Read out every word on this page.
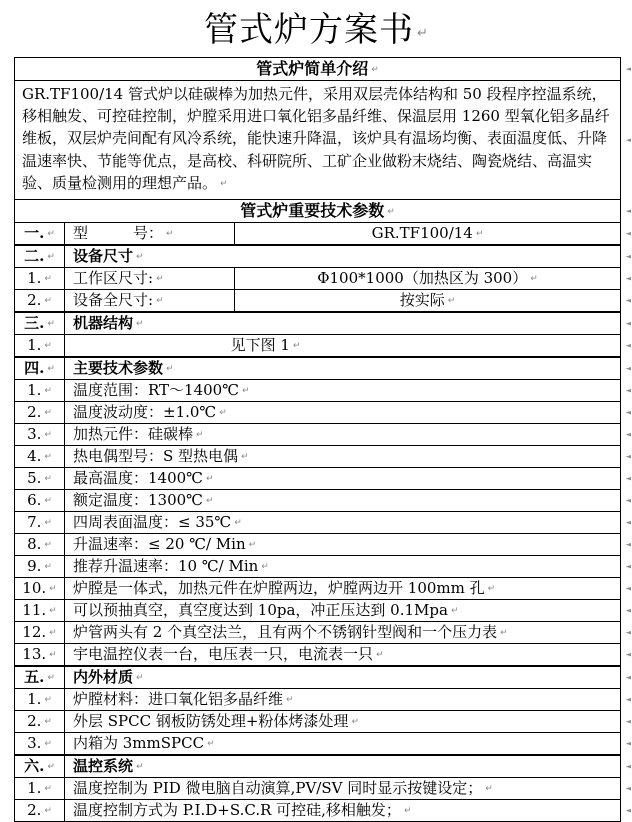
管式炉方案书 ↵
管式炉简单介绍 ↵	◄
GR.TF100/14 管式炉以硅碳棒为加热元件，采用双层壳体结构和 50 段程序控温系统，移相触发、可控硅控制，炉膛采用进口氧化铝多晶纤维、保温层用 1260 型氧化铝多晶纤维板，双层炉壳间配有风冷系统，能快速升降温，该炉具有温场均衡、表面温度低、升降温速率快、节能等优点，是高校、科研院所、工矿企业做粉末烧结、陶瓷烧结、高温实验、质量检测用的理想产品。 ↵
◄
管式炉重要技术参数 ↵	◄
一. ↵	型　　　号： ↵	GR.TF100/14 ↵	◄
二. ↵	设备尺寸 ↵	◄
1. ↵	工作区尺寸: ↵	Φ100*1000（加热区为 300） ↵	◄
2. ↵	设备全尺寸: ↵	按实际 ↵	◄
三. ↵	机器结构 ↵	◄
1. ↵	见下图 1 ↵	◄
四. ↵	主要技术参数 ↵	◄
1. ↵	温度范围：RT～1400℃ ↵	◄
2. ↵	温度波动度：±1.0℃ ↵	◄
3. ↵	加热元件：硅碳棒 ↵	◄
4. ↵	热电偶型号：S 型热电偶 ↵	◄
5. ↵	最高温度：1400℃ ↵	◄
6. ↵	额定温度：1300℃ ↵	◄
7. ↵	四周表面温度：≤ 35℃ ↵	◄
8. ↵	升温速率：≤ 20 ℃/ Min ↵	◄
9. ↵	推荐升温速率：10 ℃/ Min ↵	◄
10. ↵	炉膛是一体式，加热元件在炉膛两边，炉膛两边开 100mm 孔 ↵	◄
11. ↵	可以预抽真空，真空度达到 10pa，冲正压达到 0.1Mpa ↵	◄
12. ↵	炉管两头有 2 个真空法兰，且有两个不锈钢针型阀和一个压力表 ↵	◄
13. ↵	宇电温控仪表一台，电压表一只，电流表一只 ↵	◄
五. ↵	内外材质 ↵	◄
1. ↵	炉膛材料：进口氧化铝多晶纤维 ↵	◄
2. ↵	外层 SPCC 钢板防锈处理+粉体烤漆处理 ↵	◄
3. ↵	内箱为 3mmSPCC ↵	◄
六. ↵	温控系统 ↵	◄
1. ↵	温度控制为 PID 微电脑自动演算,PV/SV 同时显示按键设定； ↵	◄
2. ↵	温度控制方式为 P.I.D+S.C.R 可控硅,移相触发； ↵	◄
